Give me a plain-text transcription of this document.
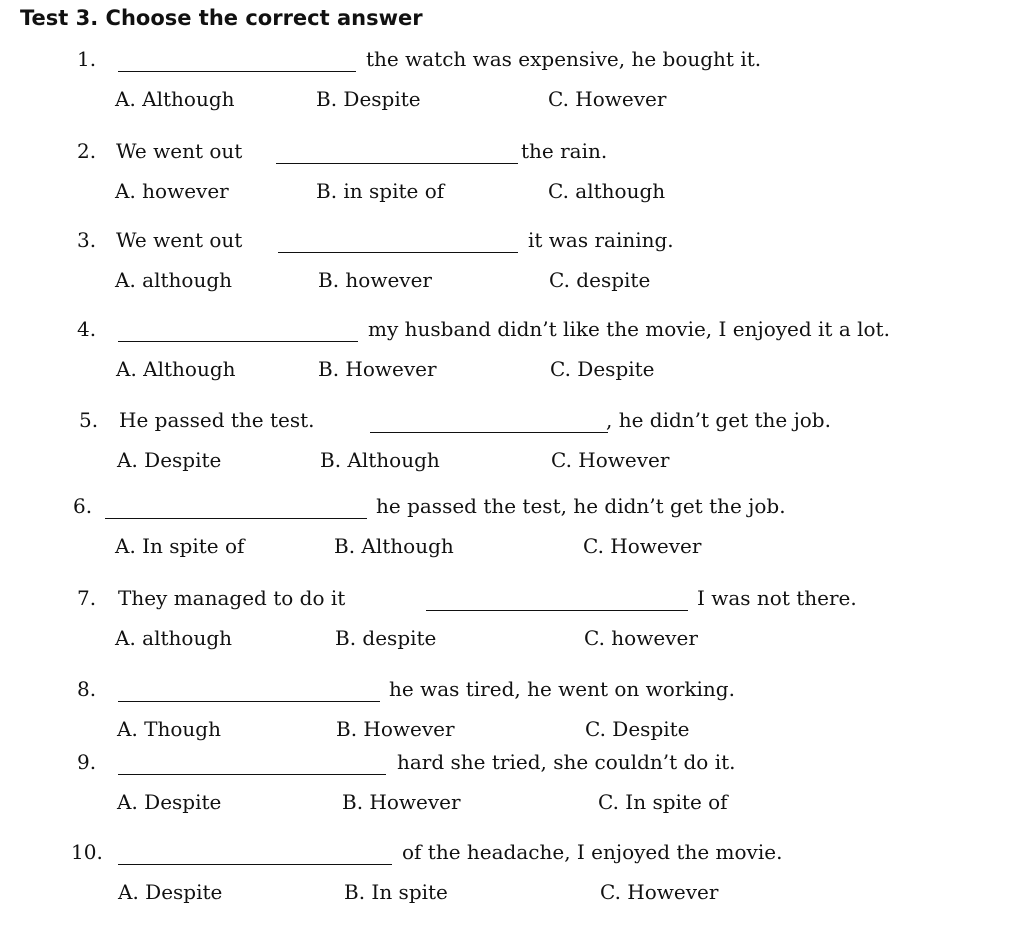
Test 3. Choose the correct answer
1.	the watch was expensive, he bought it.
A. Although	B. Despite	C. However
2. We went out	the rain.
A. however	B. in spite of	C. although
3. We went out	it was raining.
A. although	B. however	C. despite
4.	my husband didn’t like the movie, I enjoyed it a lot.
A. Although	B. However	C. Despite
5. He passed the test.	, he didn’t get the job.
A. Despite	B. Although	C. However
6.	he passed the test, he didn’t get the job.
A. In spite of	B. Although	C. However
7. They managed to do it	I was not there.
A. although	B. despite	C. however
8.	he was tired, he went on working.
A. Though	B. However	C. Despite
9.	hard she tried, she couldn’t do it.
A. Despite	B. However	C. In spite of
10.	of the headache, I enjoyed the movie.
A. Despite	B. In spite	C. However
